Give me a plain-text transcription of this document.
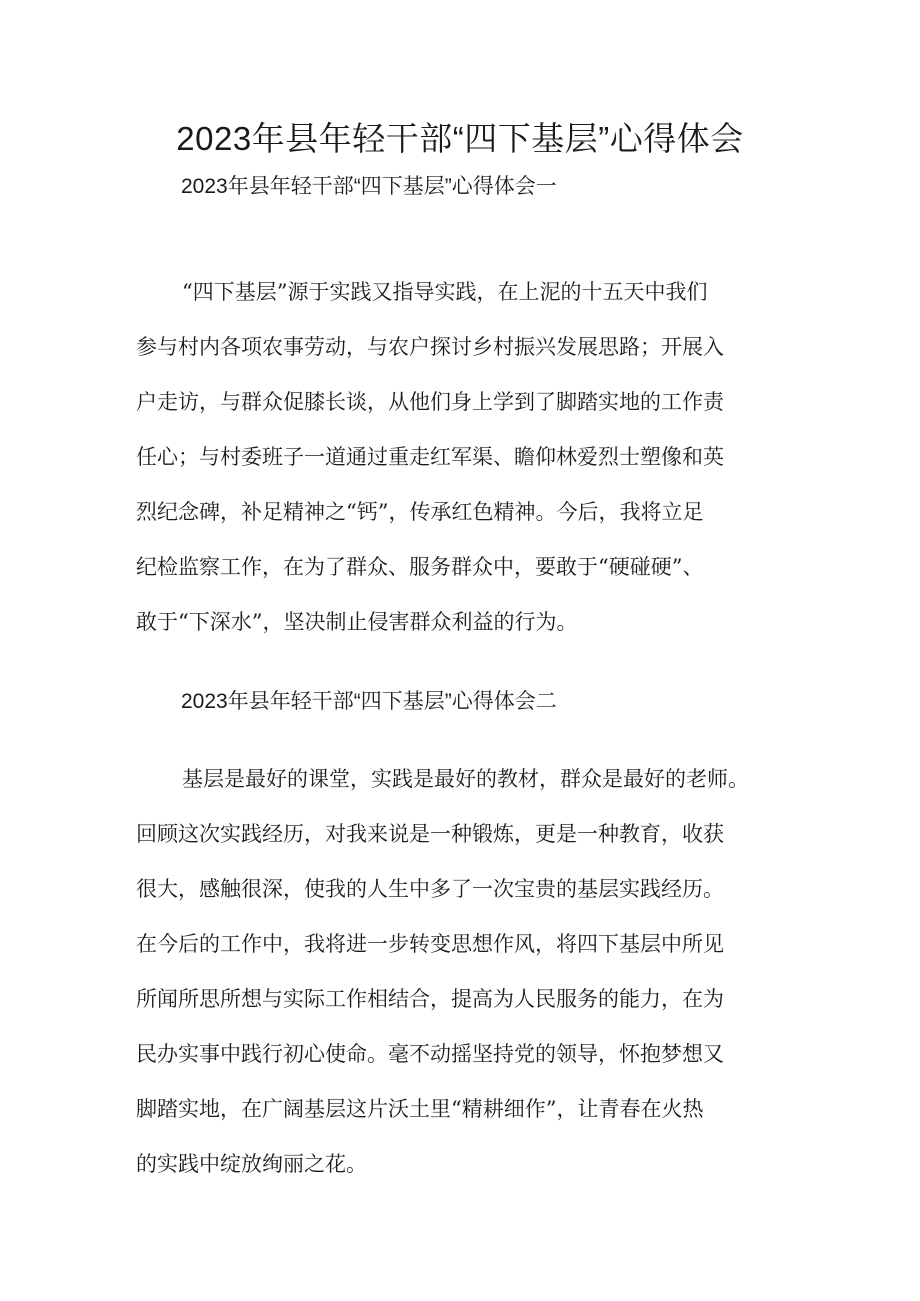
2023年县年轻干部“四下基层”心得体会
2023年县年轻干部“四下基层”心得体会一
“四下基层”源于实践又指导实践，在上泥的十五天中我们
参与村内各项农事劳动，与农户探讨乡村振兴发展思路；开展入
户走访，与群众促膝长谈，从他们身上学到了脚踏实地的工作责
任心；与村委班子一道通过重走红军渠、瞻仰林爱烈士塑像和英
烈纪念碑，补足精神之“钙”，传承红色精神。今后，我将立足
纪检监察工作，在为了群众、服务群众中，要敢于“硬碰硬”、
敢于“下深水”，坚决制止侵害群众利益的行为。
2023年县年轻干部“四下基层”心得体会二
基层是最好的课堂，实践是最好的教材，群众是最好的老师。
回顾这次实践经历，对我来说是一种锻炼，更是一种教育，收获
很大，感触很深，使我的人生中多了一次宝贵的基层实践经历。
在今后的工作中，我将进一步转变思想作风，将四下基层中所见
所闻所思所想与实际工作相结合，提高为人民服务的能力，在为
民办实事中践行初心使命。毫不动摇坚持党的领导，怀抱梦想又
脚踏实地，在广阔基层这片沃土里“精耕细作”，让青春在火热
的实践中绽放绚丽之花。
